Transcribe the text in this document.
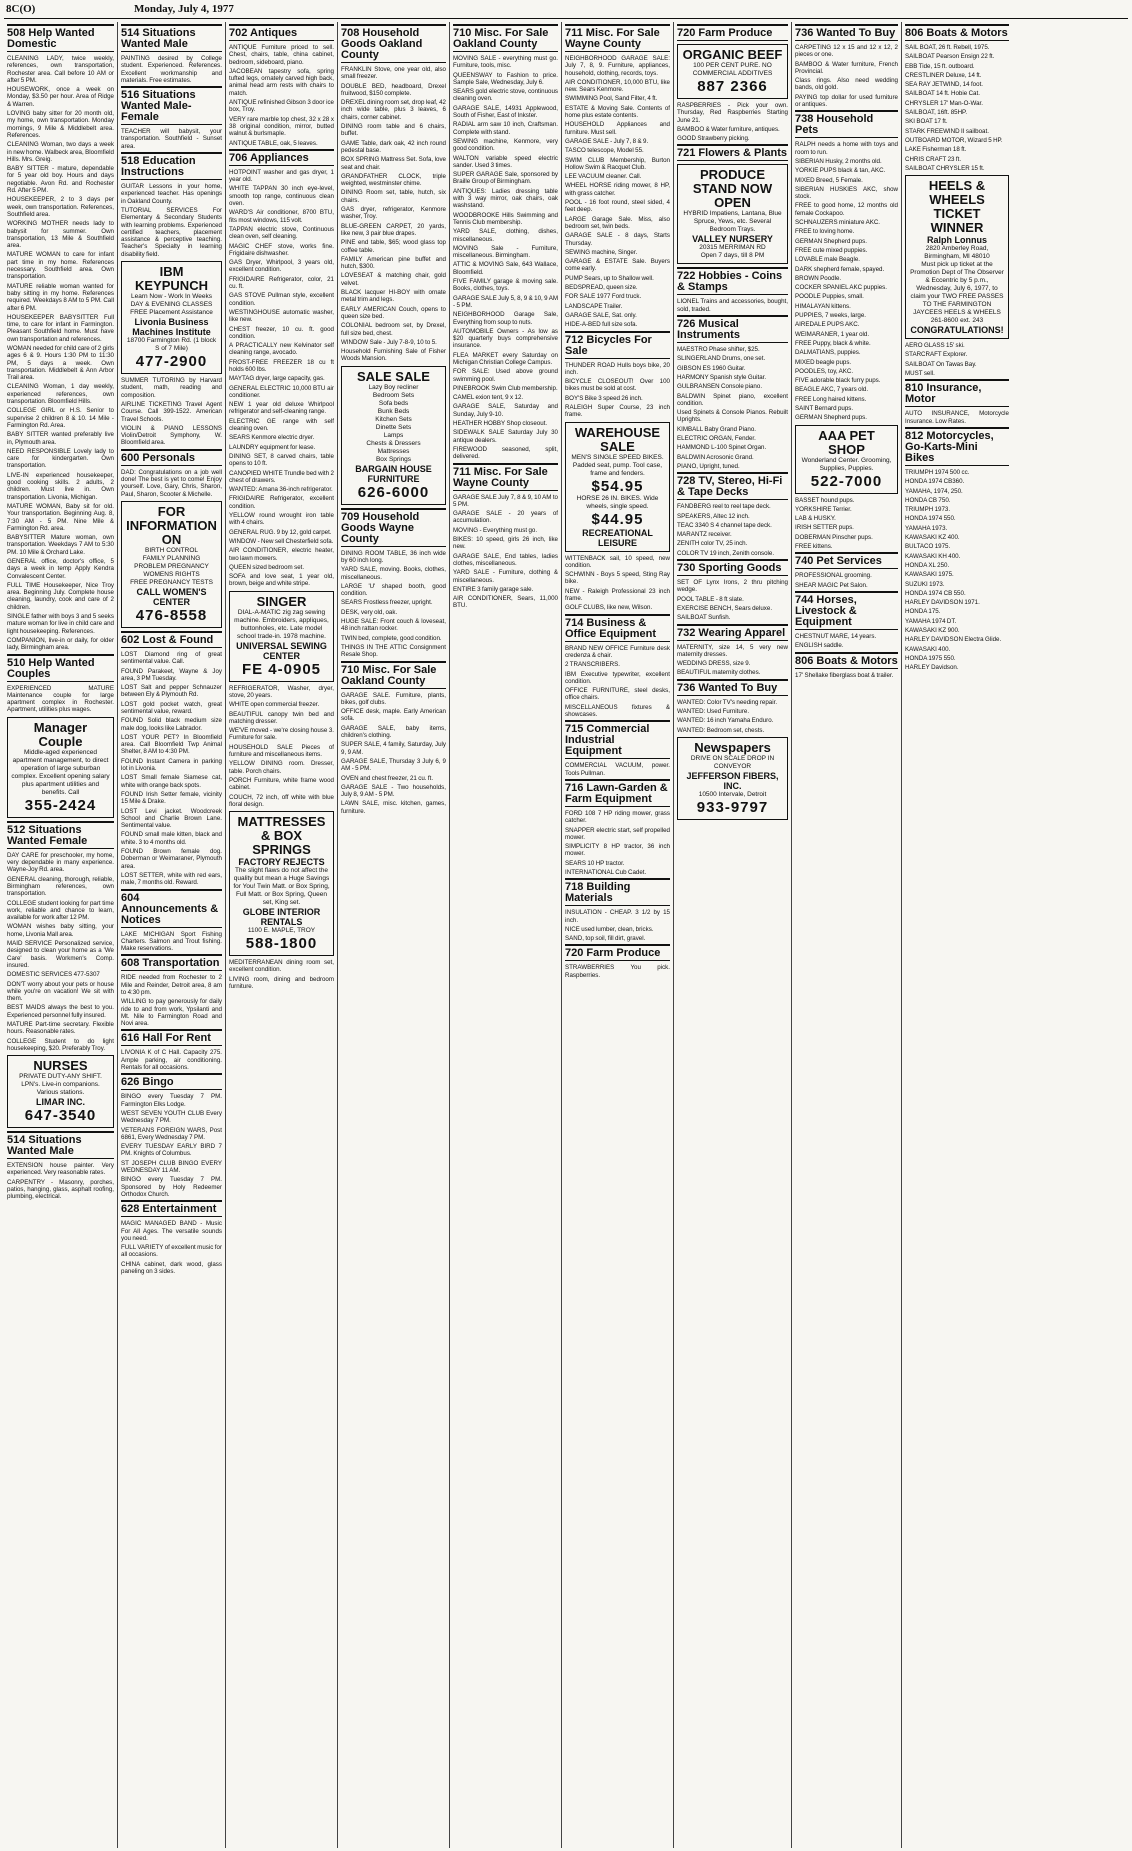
8C(O)	Monday, July 4, 1977
508 Help Wanted Domestic

CLEANING LADY, twice weekly, references, own transportation, Rochester area. Call before 10 AM or after 5 PM.

HOUSEWORK, once a week on Monday, $3.50 per hour. Area of Ridge & Warren.

LOVING baby sitter for 20 month old, my home, own transportation. Monday mornings, 9 Mile & Middlebelt area. References.

CLEANING Woman, two days a week in new home. Walbeck area, Bloomfield Hills. Mrs. Greig.

BABY SITTER - mature, dependable for 5 year old boy. Hours and days negotiable. Avon Rd. and Rochester Rd. After 5 PM.

HOUSEKEEPER, 2 to 3 days per week, own transportation. References, Southfield area.

WORKING MOTHER needs lady to babysit for summer. Own transportation, 13 Mile & Southfield area.

MATURE WOMAN to care for infant part time in my home. References necessary. Southfield area. Own transportation.

MATURE reliable woman wanted for baby sitting in my home. References required. Weekdays 8 AM to 5 PM. Call after 6 PM.

HOUSEKEEPER BABYSITTER Full time, to care for infant in Farmington. Pleasant Southfield home. Must have own transportation and references.

WOMAN needed for child care of 2 girls ages 6 & 9. Hours 1:30 PM to 11:30 PM, 5 days a week. Own transportation. Middlebelt & Ann Arbor Trail area.

CLEANING Woman, 1 day weekly, experienced references, own transportation. Bloomfield Hills.

COLLEGE GIRL or H.S. Senior to supervise 2 children 8 & 10. 14 Mile - Farmington Rd. Area.

BABY SITTER wanted preferably live in, Plymouth area.

NEED RESPONSIBLE Lovely lady to care for kindergarten. Own transportation.

LIVE-IN experienced housekeeper, good cooking skills. 2 adults, 2 children. Must live in. Own transportation. Livonia, Michigan.

MATURE WOMAN, Baby sit for old. Your transportation. Beginning Aug. 8, 7:30 AM - 5 PM. Nine Mile & Farmington Rd. area.

BABYSITTER Mature woman, own transportation. Weekdays 7 AM to 5:30 PM. 10 Mile & Orchard Lake.

GENERAL office, doctor's office, 5 days a week in temp Apply Kendra Convalescent Center.

FULL TIME Housekeeper, Nice Troy area. Beginning July. Complete house cleaning, laundry, cook and care of 2 children.

SINGLE father with boys 3 and 5 seeks mature woman for live in child care and light housekeeping. References.

COMPANION, live-in or daily, for older lady, Birmingham area.

510 Help Wanted Couples

EXPERIENCED MATURE Maintenance couple for large apartment complex in Rochester. Apartment, utilities plus wages.

Manager Couple
Middle-aged experienced apartment management, to direct operation of large suburban complex. Excellent opening salary plus apartment utilities and benefits. Call
355-2424
512 Situations Wanted Female

DAY CARE for preschooler, my home, very dependable in many experience. Wayne-Joy Rd. area.

GENERAL cleaning, thorough, reliable, Birmingham references, own transportation.

COLLEGE student looking for part time work, reliable and chance to learn, available for work after 12 PM.

WOMAN wishes baby sitting, your home, Livonia Mall area.

MAID SERVICE Personalized service, designed to clean your home as a 'We Care' basis. Workmen's Comp. insured.

DOMESTIC SERVICES 477-5307

DON'T worry about your pets or house while you're on vacation! We sit with them.

BEST MAIDS always the best to you. Experienced personnel fully insured.

MATURE Part-time secretary. Flexible hours. Reasonable rates.

COLLEGE Student to do light housekeeping, $20. Preferably Troy.

NURSES
PRIVATE DUTY-ANY SHIFT. LPN's. Live-in companions. Various stations.
LIMAR INC.
647-3540
514 Situations Wanted Male

EXTENSION house painter. Very experienced. Very reasonable rates.

CARPENTRY - Masonry, porches, patios, hanging, glass, asphalt roofing, plumbing, electrical.

514 Situations Wanted Male

PAINTING desired by College student. Experienced. References. Excellent workmanship and materials. Free estimates.

516 Situations Wanted Male-Female

TEACHER will babysit, your transportation. Southfield - Sunset area.

518 Education Instructions

GUITAR Lessons in your home, experienced teacher. Has openings in Oakland County.

TUTORIAL SERVICES For Elementary & Secondary Students with learning problems. Experienced certified teachers, placement assistance & perceptive teaching. Teacher's Specialty in learning disability field.

IBM KEYPUNCH
Learn Now - Work In Weeks
DAY & EVENING CLASSES
FREE Placement Assistance
Livonia Business Machines Institute
18700 Farmington Rd. (1 block S of 7 Mile)
477-2900

SUMMER TUTORING by Harvard student, math, reading and composition.

AIRLINE TICKETING Travel Agent Course. Call 399-1522. American Travel Schools.

VIOLIN & PIANO LESSONS Violin/Detroit Symphony, W. Bloomfield area.

600 Personals

DAD: Congratulations on a job well done! The best is yet to come! Enjoy yourself. Love, Gary, Chris, Sharon, Paul, Sharon, Scooter & Michelle.

FOR INFORMATION ON
BIRTH CONTROL
FAMILY PLANNING
PROBLEM PREGNANCY
WOMENS RIGHTS
FREE PREGNANCY TESTS
CALL WOMEN'S CENTER
476-8558
602 Lost & Found

LOST Diamond ring of great sentimental value. Call.

FOUND Parakeet, Wayne & Joy area, 3 PM Tuesday.

LOST Salt and pepper Schnauzer between Ely & Plymouth Rd.

LOST gold pocket watch, great sentimental value, reward.

FOUND Solid black medium size male dog, looks like Labrador.

LOST YOUR PET? In Bloomfield area. Call Bloomfield Twp Animal Shelter, 8 AM to 4:30 PM.

FOUND Instant Camera in parking lot in Livonia.

LOST Small female Siamese cat, white with orange back spots.

FOUND Irish Setter female, vicinity 15 Mile & Drake.

LOST Levi jacket. Woodcreek School and Charlie Brown Lane. Sentimental value.

FOUND small male kitten, black and white. 3 to 4 months old.

FOUND Brown female dog. Doberman or Weimaraner, Plymouth area.

LOST SETTER, white with red ears, male, 7 months old. Reward.

604 Announcements & Notices

LAKE MICHIGAN Sport Fishing Charters. Salmon and Trout fishing. Make reservations.

608 Transportation

RIDE needed from Rochester to 2 Mile and Reinder, Detroit area, 8 am to 4:30 pm.

WILLING to pay generously for daily ride to and from work, Ypsilanti and Mt. Nile to Farmington Road and Novi area.

616 Hall For Rent

LIVONIA K of C Hall. Capacity 275. Ample parking, air conditioning. Rentals for all occasions.

626 Bingo

BINGO every Tuesday 7 PM. Farmington Elks Lodge.

WEST SEVEN YOUTH CLUB Every Wednesday 7 PM.

VETERANS FOREIGN WARS, Post 6861, Every Wednesday 7 PM.

EVERY TUESDAY EARLY BIRD 7 PM. Knights of Columbus.

ST JOSEPH CLUB BINGO EVERY WEDNESDAY 11 AM.

BINGO every Tuesday 7 PM. Sponsored by Holy Redeemer Orthodox Church.

628 Entertainment

MAGIC MANAGED BAND - Music For All Ages. The versatile sounds you need.

FULL VARIETY of excellent music for all occasions.

CHINA cabinet, dark wood, glass paneling on 3 sides.

702 Antiques

ANTIQUE Furniture priced to sell. Chest, chairs, table, china cabinet, bedroom, sideboard, piano.

JACOBEAN tapestry sofa, spring tufted legs, ornately carved high back, animal head arm rests with chairs to match.

ANTIQUE refinished Gibson 3 door ice box, Troy.

VERY rare marble top chest, 32 x 28 x 38 original condition, mirror, butted walnut & burlsmaple.

ANTIQUE TABLE, oak, 5 leaves.

706 Appliances

HOTPOINT washer and gas dryer, 1 year old.

WHITE TAPPAN 30 inch eye-level, smooth top range, continuous clean oven.

WARD'S Air conditioner, 8700 BTU, fits most windows, 115 volt.

TAPPAN electric stove, Continuous clean oven, self cleaning.

MAGIC CHEF stove, works fine. Frigidaire dishwasher.

GAS Dryer, Whirlpool, 3 years old, excellent condition.

FRIGIDAIRE Refrigerator, color, 21 cu. ft.

GAS STOVE Pullman style, excellent condition.

WESTINGHOUSE automatic washer, like new.

CHEST freezer, 10 cu. ft. good condition.

A PRACTICALLY new Kelvinator self cleaning range, avocado.

FROST-FREE FREEZER 18 cu ft holds 600 lbs.

MAYTAG dryer, large capacity, gas.

GENERAL ELECTRIC 10,000 BTU air conditioner.

NEW 1 year old deluxe Whirlpool refrigerator and self-cleaning range.

ELECTRIC GE range with self cleaning oven.

SEARS Kenmore electric dryer.

LAUNDRY equipment for lease.

DINING SET, 8 carved chairs, table opens to 10 ft.

CANOPIED WHITE Trundle bed with 2 chest of drawers.

WANTED: Amana 36-inch refrigerator.

FRIGIDAIRE Refrigerator, excellent condition.

YELLOW round wrought iron table with 4 chairs.

GENERAL RUG. 9 by 12, gold carpet.

WINDOW - New sell Chesterfield sofa.

AIR CONDITIONER, electric heater, two lawn mowers.

QUEEN sized bedroom set.

SOFA and love seat, 1 year old, brown, beige and white stripe.

SINGER
DIAL-A-MATIC zig zag sewing machine. Embroiders, appliques, buttonholes, etc. Late model school trade-in. 1978 machine.
UNIVERSAL SEWING CENTER
FE 4-0905

REFRIGERATOR, Washer, dryer, stove, 20 years.

WHITE open commercial freezer.

BEAUTIFUL canopy twin bed and matching dresser.

WE'VE moved - we're closing house 3. Furniture for sale.

HOUSEHOLD SALE Pieces of furniture and miscellaneous items.

YELLOW DINING room. Dresser, table. Porch chairs.

PORCH Furniture, white frame wood cabinet.

COUCH, 72 inch, off white with blue floral design.

MATTRESSES & BOX SPRINGS
FACTORY REJECTS
The slight flaws do not affect the quality but mean a Huge Savings for You! Twin Matt. or Box Spring, Full Matt. or Box Spring, Queen set, King set.
GLOBE INTERIOR RENTALS
1100 E. MAPLE, TROY
588-1800

MEDITERRANEAN dining room set, excellent condition.

LIVING room, dining and bedroom furniture.

708 Household Goods Oakland County

FRANKLIN Stove, one year old, also small freezer.

DOUBLE BED, headboard, Drexel fruitwood, $150 complete.

DREXEL dining room set, drop leaf, 42 inch wide table, plus 3 leaves, 6 chairs, corner cabinet.

DINING room table and 6 chairs, buffet.

GAME Table, dark oak, 42 inch round pedestal base.

BOX SPRING Mattress Set. Sofa, love seat and chair.

GRANDFATHER CLOCK, triple weighted, westminster chime.

DINING Room set, table, hutch, six chairs.

GAS dryer, refrigerator, Kenmore washer, Troy.

BLUE-GREEN CARPET, 20 yards, like new, 3 pair blue drapes.

PINE end table, $65; wood glass top coffee table.

FAMILY American pine buffet and hutch, $300.

LOVESEAT & matching chair, gold velvet.

BLACK lacquer HI-BOY with ornate metal trim and legs.

EARLY AMERICAN Couch, opens to queen size bed.

COLONIAL bedroom set, by Drexel, full size bed, chest.

WINDOW Sale - July 7-8-9, 10 to 5.

Household Furnishing Sale of Fisher Woods Mansion.

SALE SALE
Lazy Boy recliner
Bedroom Sets
Sofa beds
Bunk Beds
Kitchen Sets
Dinette Sets
Lamps
Chests & Dressers
Mattresses
Box Springs
BARGAIN HOUSE FURNITURE
626-6000
709 Household Goods Wayne County

DINING ROOM TABLE, 36 inch wide by 60 inch long.

YARD SALE, moving. Books, clothes, miscellaneous.

LARGE 'U' shaped booth, good condition.

SEARS Frostless freezer, upright.

DESK, very old, oak.

HUGE SALE: Front couch & loveseat, 48 inch rattan rocker.

TWIN bed, complete, good condition.

THINGS IN THE ATTIC Consignment Resale Shop.

710 Misc. For Sale Oakland County

GARAGE SALE. Furniture, plants, bikes, golf clubs.

OFFICE desk, maple. Early American sofa.

GARAGE SALE, baby items, children's clothing.

SUPER SALE, 4 family, Saturday, July 9, 9 AM.

GARAGE SALE, Thursday 3 July 6, 9 AM - 5 PM.

OVEN and chest freezer, 21 cu. ft.

GARAGE SALE - Two households, July 8, 9 AM - 5 PM.

LAWN SALE, misc. kitchen, games, furniture.

710 Misc. For Sale Oakland County

MOVING SALE - everything must go. Furniture, tools, misc.

QUEENSWAY to Fashion to price. Sample Sale, Wednesday, July 6.

SEARS gold electric stove, continuous cleaning oven.

GARAGE SALE, 14931 Applewood, South of Fisher, East of Inkster.

RADIAL arm saw 10 inch, Craftsman. Complete with stand.

SEWING machine, Kenmore, very good condition.

WALTON variable speed electric sander. Used 3 times.

SUPER GARAGE Sale, sponsored by Braille Group of Birmingham.

ANTIQUES: Ladies dressing table with 3 way mirror, oak chairs, oak washstand.

WOODBROOKE Hills Swimming and Tennis Club membership.

YARD SALE, clothing, dishes, miscellaneous.

MOVING Sale - Furniture, miscellaneous. Birmingham.

ATTIC & MOVING Sale, 643 Wallace, Bloomfield.

FIVE FAMILY garage & moving sale. Books, clothes, toys.

GARAGE SALE July 5, 8, 9 & 10, 9 AM - 5 PM.

NEIGHBORHOOD Garage Sale, Everything from soup to nuts.

AUTOMOBILE Owners - As low as $20 quarterly buys comprehensive insurance.

FLEA MARKET every Saturday on Michigan Christian College Campus.

FOR SALE: Used above ground swimming pool.

PINEBROOK Swim Club membership.

CAMEL exion tent, 9 x 12.

GARAGE SALE, Saturday and Sunday, July 9-10.

HEATHER HOBBY Shop closeout.

SIDEWALK SALE Saturday July 30 antique dealers.

FIREWOOD seasoned, split, delivered.

711 Misc. For Sale Wayne County

GARAGE SALE July 7, 8 & 9, 10 AM to 5 PM.

GARAGE SALE - 20 years of accumulation.

MOVING - Everything must go.

BIKES: 10 speed, girls 26 inch, like new.

GARAGE SALE, End tables, ladies clothes, miscellaneous.

YARD SALE - Furniture, clothing & miscellaneous.

ENTIRE 3 family garage sale.

AIR CONDITIONER, Sears, 11,000 BTU.

711 Misc. For Sale Wayne County

NEIGHBORHOOD GARAGE SALE: July 7, 8, 9. Furniture, appliances, household, clothing, records, toys.

AIR CONDITIONER, 10,000 BTU, like new. Sears Kenmore.

SWIMMING Pool, Sand Filter, 4 ft.

ESTATE & Moving Sale. Contents of home plus estate contents.

HOUSEHOLD Appliances and furniture. Must sell.

GARAGE SALE - July 7, 8 & 9.

TASCO telescope, Model 55.

SWIM CLUB Membership, Burton Hollow Swim & Racquet Club.

LEE VACUUM cleaner. Call.

WHEEL HORSE riding mower, 8 HP, with grass catcher.

POOL - 16 foot round, steel sided, 4 feet deep.

LARGE Garage Sale. Miss, also bedroom set, twin beds.

GARAGE SALE - 8 days, Starts Thursday.

SEWING machine, Singer.

GARAGE & ESTATE Sale. Buyers come early.

PUMP Sears, up to Shallow well.

BEDSPREAD, queen size.

FOR SALE 1977 Ford truck.

LANDSCAPE Trailer.

GARAGE SALE, Sat. only.

HIDE-A-BED full size sofa.

712 Bicycles For Sale

THUNDER ROAD Hulls boys bike, 20 inch.

BICYCLE CLOSEOUT! Over 100 bikes must be sold at cost.

BOY'S Bike 3 speed 26 inch.

RALEIGH Super Course, 23 inch frame.

WAREHOUSE SALE
MEN'S SINGLE SPEED BIKES. Padded seat, pump. Tool case, frame and fenders.
$54.95
HORSE 26 IN. BIKES. Wide wheels, single speed.
$44.95
RECREATIONAL LEISURE

WITTENBACK sail, 10 speed, new condition.

SCHWINN - Boys 5 speed, Sting Ray bike.

NEW - Raleigh Professional 23 inch frame.

GOLF CLUBS, like new, Wilson.

714 Business & Office Equipment

BRAND NEW OFFICE Furniture desk credenza & chair.

2 TRANSCRIBERS.

IBM Executive typewriter, excellent condition.

OFFICE FURNITURE, steel desks, office chairs.

MISCELLANEOUS fixtures & showcases.

715 Commercial Industrial Equipment

COMMERCIAL VACUUM, power. Tools Pullman.

716 Lawn-Garden & Farm Equipment

FORD 108 7 HP riding mower, grass catcher.

SNAPPER electric start, self propelled mower.

SIMPLICITY 8 HP tractor, 36 inch mower.

SEARS 10 HP tractor.

INTERNATIONAL Cub Cadet.

718 Building Materials

INSULATION - CHEAP. 3 1/2 by 15 inch.

NICE used lumber, clean, bricks.

SAND, top soil, fill dirt, gravel.

720 Farm Produce

STRAWBERRIES You pick. Raspberries.

720 Farm Produce
ORGANIC BEEF
100 PER CENT PURE. NO COMMERCIAL ADDITIVES
887 2366

RASPBERRIES - Pick your own. Thursday, Red Raspberries Starting June 21.

BAMBOO & Water furniture, antiques.

GOOD Strawberry picking.

721 Flowers & Plants
PRODUCE STAND NOW OPEN
HYBRID Impatiens, Lantana, Blue Spruce, Yews, etc. Several Bedroom Trays.
VALLEY NURSERY
20315 MERRIMAN RD
Open 7 days, till 8 PM
722 Hobbies - Coins & Stamps

LIONEL Trains and accessories, bought, sold, traded.

726 Musical Instruments

MAESTRO Phase shifter, $25.

SLINGERLAND Drums, one set.

GIBSON ES 1960 Guitar.

HARMONY Spanish style Guitar.

GULBRANSEN Console piano.

BALDWIN Spinet piano, excellent condition.

Used Spinets & Console Pianos. Rebuilt Uprights.

KIMBALL Baby Grand Piano.

ELECTRIC ORGAN, Fender.

HAMMOND L-100 Spinet Organ.

BALDWIN Acrosonic Grand.

PIANO, Upright, tuned.

728 TV, Stereo, Hi-Fi & Tape Decks

FANDBERG reel to reel tape deck.

SPEAKERS, Altec 12 inch.

TEAC 3340 S 4 channel tape deck.

MARANTZ receiver.

ZENITH color TV, 25 inch.

COLOR TV 19 inch, Zenith console.

730 Sporting Goods

SET OF Lynx Irons, 2 thru pitching wedge.

POOL TABLE - 8 ft slate.

EXERCISE BENCH, Sears deluxe.

SAILBOAT Sunfish.

732 Wearing Apparel

MATERNITY, size 14, 5 very new maternity dresses.

WEDDING DRESS, size 9.

BEAUTIFUL maternity clothes.

736 Wanted To Buy

WANTED: Color TV's needing repair.

WANTED: Used Furniture.

WANTED: 16 inch Yamaha Enduro.

WANTED: Bedroom set, chests.

Newspapers
DRIVE ON SCALE DROP IN CONVEYOR
JEFFERSON FIBERS, INC.
10500 Intervale, Detroit
933-9797
736 Wanted To Buy

CARPETING 12 x 15 and 12 x 12, 2 pieces or one.

BAMBOO & Water furniture, French Provincial.

Class rings. Also need wedding bands, old gold.

PAYING top dollar for used furniture or antiques.

738 Household Pets

RALPH needs a home with toys and room to run.

SIBERIAN Husky, 2 months old.

YORKIE PUPS black & tan, AKC.

MIXED Breed, 5 Female.

SIBERIAN HUSKIES AKC, show stock.

FREE to good home, 12 months old female Cockapoo.

SCHNAUZERS miniature AKC.

FREE to loving home.

GERMAN Shepherd pups.

FREE cute mixed puppies.

LOVABLE male Beagle.

DARK shepherd female, spayed.

BROWN Poodle.

COCKER SPANIEL AKC puppies.

POODLE Puppies, small.

HIMALAYAN kittens.

PUPPIES, 7 weeks, large.

AIREDALE PUPS AKC.

WEIMARANER, 1 year old.

FREE Puppy, black & white.

DALMATIANS, puppies.

MIXED beagle pups.

POODLES, toy, AKC.

FIVE adorable black furry pups.

BEAGLE AKC, 7 years old.

FREE Long haired kittens.

SAINT Bernard pups.

GERMAN Shepherd pups.

AAA PET SHOP
Wonderland Center. Grooming, Supplies, Puppies.
522-7000

BASSET hound pups.

YORKSHIRE Terrier.

LAB & HUSKY.

IRISH SETTER pups.

DOBERMAN Pinscher pups.

FREE kittens.

740 Pet Services

PROFESSIONAL grooming.

SHEAR MAGIC Pet Salon.

744 Horses, Livestock & Equipment

CHESTNUT MARE, 14 years.

ENGLISH saddle.

806 Boats & Motors

17' Shellake fiberglass boat & trailer.

806 Boats & Motors

SAIL BOAT, 26 ft. Rebell, 1975.

SAILBOAT Pearson Ensign 22 ft.

EBB Tide, 15 ft. outboard.

CRESTLINER Deluxe, 14 ft.

SEA RAY JETWIND, 14 foot.

SAILBOAT 14 ft. Hobie Cat.

CHRYSLER 17' Man-O-War.

SAILBOAT, 16ft. 85HP.

SKI BOAT 17 ft.

STARK FREEWIND II sailboat.

OUTBOARD MOTOR, Wizard 5 HP.

LAKE Fisherman 18 ft.

CHRIS CRAFT 23 ft.

SAILBOAT CHRYSLER 15 ft.

HEELS & WHEELS TICKET WINNER
Ralph Lonnus
2820 Amberley Road, Birmingham, MI 48010
Must pick up ticket at the Promotion Dept of The Observer & Eccentric by 5 p.m., Wednesday, July 6, 1977, to claim your TWO FREE PASSES TO THE FARMINGTON JAYCEES HEELS & WHEELS 261-8600 ext. 243
CONGRATULATIONS!

AERO GLASS 15' ski.

STARCRAFT Explorer.

SAILBOAT On Tawas Bay.

MUST sell.

810 Insurance, Motor

AUTO INSURANCE, Motorcycle Insurance. Low Rates.

812 Motorcycles, Go-Karts-Mini Bikes

TRIUMPH 1974 500 cc.

HONDA 1974 CB360.

YAMAHA, 1974, 250.

HONDA CB 750.

TRIUMPH 1973.

HONDA 1974 550.

YAMAHA 1973.

KAWASAKI KZ 400.

BULTACO 1975.

KAWASAKI KH 400.

HONDA XL 250.

KAWASAKI 1975.

SUZUKI 1973.

HONDA 1974 CB 550.

HARLEY DAVIDSON 1971.

HONDA 175.

YAMAHA 1974 DT.

KAWASAKI KZ 900.

HARLEY DAVIDSON Electra Glide.

KAWASAKI 400.

HONDA 1975 550.

HARLEY Davidson.
